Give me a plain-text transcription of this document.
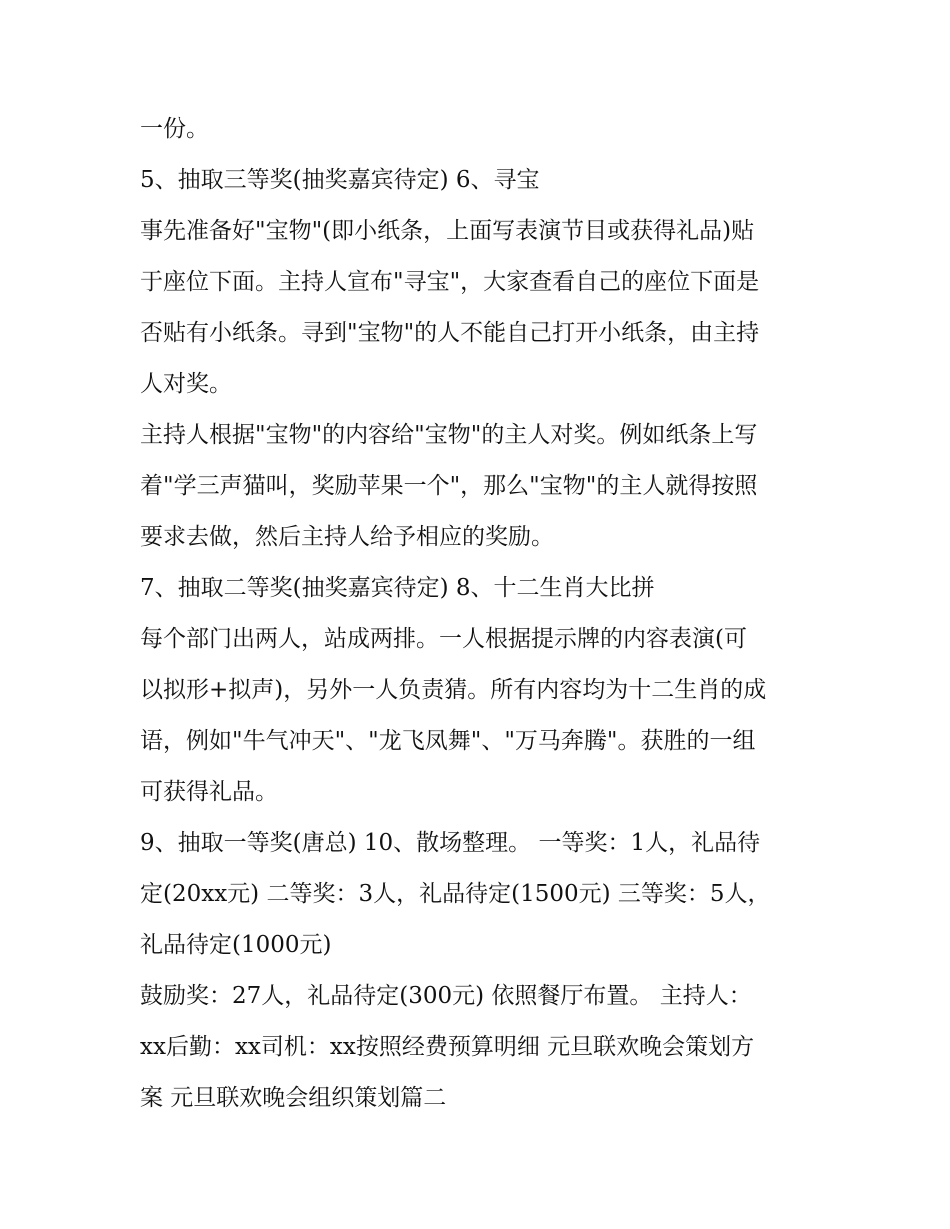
一份。
5、抽取三等奖(抽奖嘉宾待定) 6、寻宝
事先准备好"宝物"(即小纸条，上面写表演节目或获得礼品)贴
于座位下面。主持人宣布"寻宝"，大家查看自己的座位下面是
否贴有小纸条。寻到"宝物"的人不能自己打开小纸条，由主持
人对奖。
主持人根据"宝物"的内容给"宝物"的主人对奖。例如纸条上写
着"学三声猫叫，奖励苹果一个"，那么"宝物"的主人就得按照
要求去做，然后主持人给予相应的奖励。
7、抽取二等奖(抽奖嘉宾待定) 8、十二生肖大比拼
每个部门出两人，站成两排。一人根据提示牌的内容表演(可
以拟形+拟声)，另外一人负责猜。所有内容均为十二生肖的成
语，例如"牛气冲天"、"龙飞凤舞"、"万马奔腾"。获胜的一组
可获得礼品。
9、抽取一等奖(唐总) 10、散场整理。 一等奖：1人，礼品待
定(20xx元) 二等奖：3人，礼品待定(1500元) 三等奖：5人，
礼品待定(1000元)
鼓励奖：27人，礼品待定(300元) 依照餐厅布置。 主持人：
xx后勤：xx司机：xx按照经费预算明细 元旦联欢晚会策划方
案 元旦联欢晚会组织策划篇二
